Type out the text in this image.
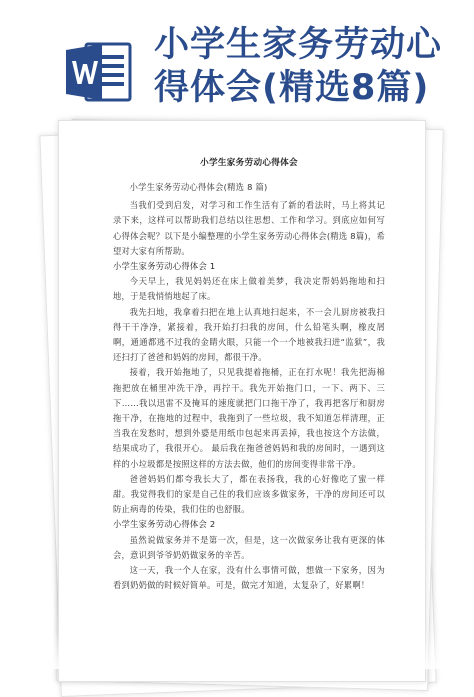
小学生家务劳动心
得体会(精选8篇)
小学生家务劳动心得体会

小学生家务劳动心得体会(精选 8 篇)

当我们受到启发，对学习和工作生活有了新的看法时，马上将其记录下来，这样可以帮助我们总结以往思想、工作和学习。到底应如何写心得体会呢？以下是小编整理的小学生家务劳动心得体会(精选 8篇)，希望对大家有所帮助。

小学生家务劳动心得体会 1

今天早上，我见妈妈还在床上做着美梦，我决定帮妈妈拖地和扫地，于是我悄悄地起了床。

我先扫地，我拿着扫把在地上认真地扫起来，不一会儿厨房被我扫得干干净净，紧接着，我开始打扫我的房间，什么铅笔头啊，橡皮屑啊，通通都逃不过我的金睛火眼，只能一个一个地被我扫进“监狱”，我还扫打了爸爸和妈妈的房间，都很干净。

接着，我开始拖地了，只见我提着拖桶，正在打水呢！我先把海棉拖把放在桶里冲洗干净，再拧干。我先开始拖门口，一下、两下、三下……我以迅雷不及掩耳的速度就把门口拖干净了，我再把客厅和厨房拖干净，在拖地的过程中，我拖到了一些垃圾，我不知道怎样清理，正当我在发愁时，想到外婆是用纸巾包起来再丢掉，我也按这个方法做，结果成功了，我很开心。 最后我在拖爸爸妈妈和我的房间时，一遇到这样的小垃圾都是按照这样的方法去做，他们的房间变得非常干净。

爸爸妈妈们都夸我长大了，都在表扬我，我的心好像吃了蜜一样甜。我觉得我们的家是自己住的我们应该多做家务，干净的房间还可以防止病毒的传染，我们住的也舒服。

小学生家务劳动心得体会 2

虽然说做家务并不是第一次，但是，这一次做家务让我有更深的体会，意识到爷爷奶奶做家务的辛苦。

这一天，我一个人在家，没有什么事情可做，想做一下家务，因为看到奶奶做的时候好简单。可是，做完才知道，太复杂了，好累啊！
